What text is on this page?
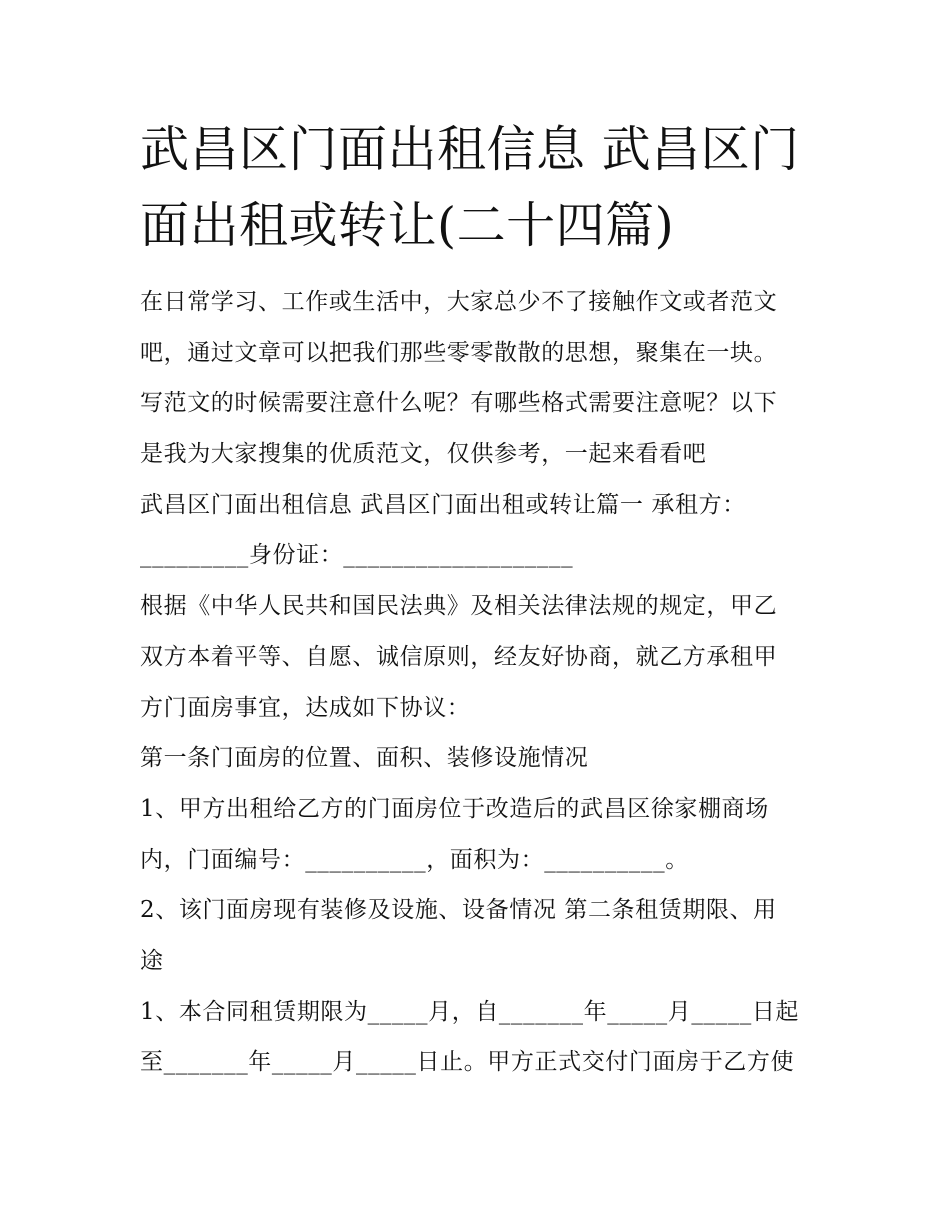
武昌区门面出租信息 武昌区门
面出租或转让(二十四篇)
在日常学习、工作或生活中，大家总少不了接触作文或者范文
吧，通过文章可以把我们那些零零散散的思想，聚集在一块。
写范文的时候需要注意什么呢？有哪些格式需要注意呢？以下
是我为大家搜集的优质范文，仅供参考，一起来看看吧
武昌区门面出租信息 武昌区门面出租或转让篇一 承租方：
_________身份证：___________________
根据《中华人民共和国民法典》及相关法律法规的规定，甲乙
双方本着平等、自愿、诚信原则，经友好协商，就乙方承租甲
方门面房事宜，达成如下协议：
第一条门面房的位置、面积、装修设施情况
1、甲方出租给乙方的门面房位于改造后的武昌区徐家棚商场
内，门面编号：__________，面积为：__________。
2、该门面房现有装修及设施、设备情况 第二条租赁期限、用
途
1、本合同租赁期限为_____月，自_______年_____月_____日起
至_______年_____月_____日止。甲方正式交付门面房于乙方使
